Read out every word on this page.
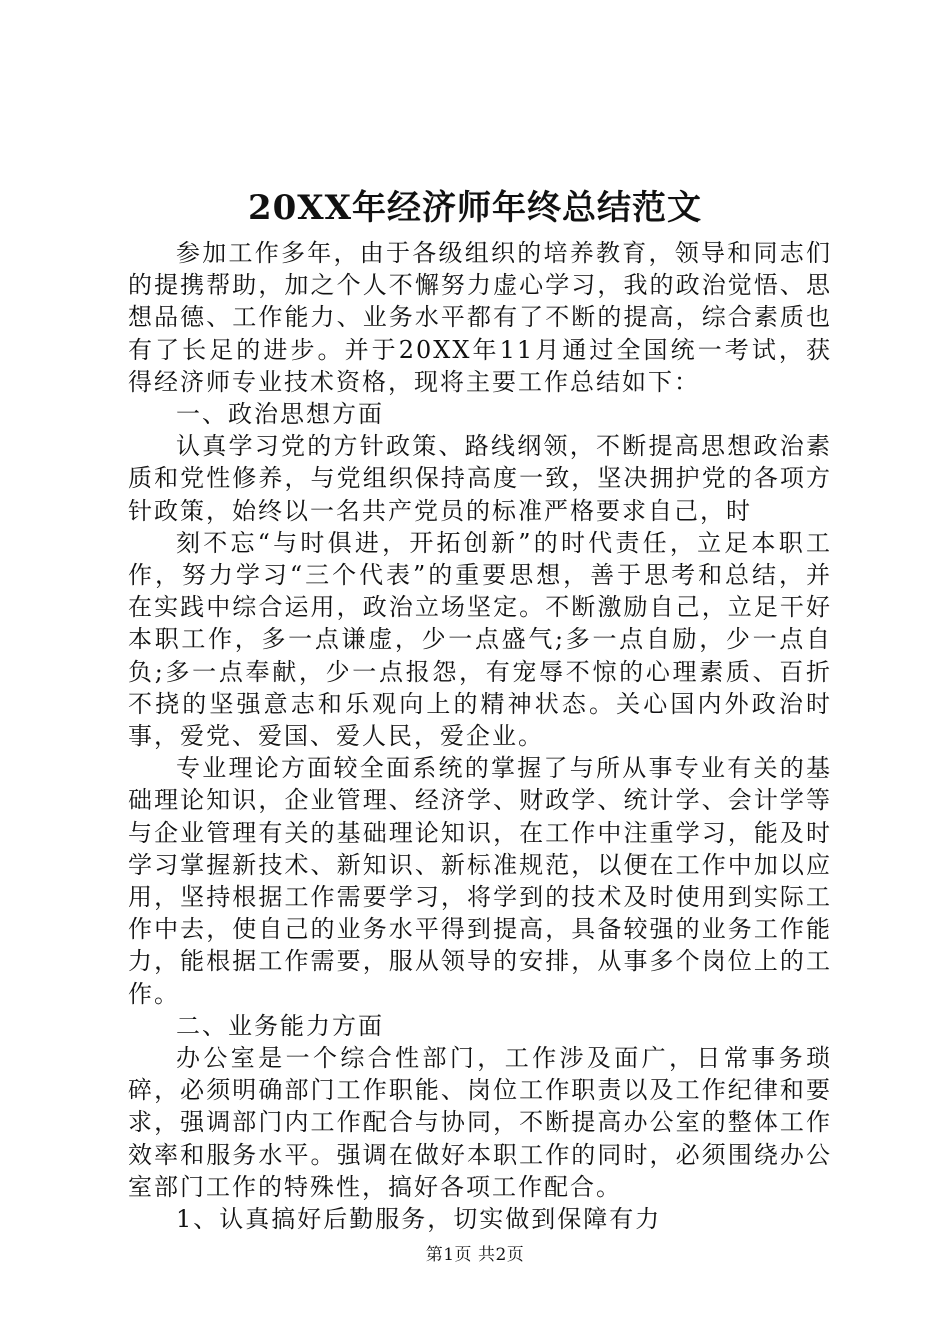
20XX年经济师年终总结范文

参加工作多年，由于各级组织的培养教育，领导和同志们的提携帮助，加之个人不懈努力虚心学习，我的政治觉悟、思想品德、工作能力、业务水平都有了不断的提高，综合素质也有了长足的进步。并于20XX年11月通过全国统一考试，获得经济师专业技术资格，现将主要工作总结如下：

一、政治思想方面

认真学习党的方针政策、路线纲领，不断提高思想政治素质和党性修养，与党组织保持高度一致，坚决拥护党的各项方针政策，始终以一名共产党员的标准严格要求自己，时

刻不忘“与时俱进，开拓创新”的时代责任，立足本职工作，努力学习“三个代表”的重要思想，善于思考和总结，并在实践中综合运用，政治立场坚定。不断激励自己，立足干好本职工作，多一点谦虚，少一点盛气;多一点自励，少一点自负;多一点奉献，少一点报怨，有宠辱不惊的心理素质、百折不挠的坚强意志和乐观向上的精神状态。关心国内外政治时事，爱党、爱国、爱人民，爱企业。

专业理论方面较全面系统的掌握了与所从事专业有关的基础理论知识，企业管理、经济学、财政学、统计学、会计学等与企业管理有关的基础理论知识，在工作中注重学习，能及时学习掌握新技术、新知识、新标准规范，以便在工作中加以应用，坚持根据工作需要学习，将学到的技术及时使用到实际工作中去，使自己的业务水平得到提高，具备较强的业务工作能力，能根据工作需要，服从领导的安排，从事多个岗位上的工作。

二、业务能力方面

办公室是一个综合性部门，工作涉及面广，日常事务琐碎，必须明确部门工作职能、岗位工作职责以及工作纪律和要求，强调部门内工作配合与协同，不断提高办公室的整体工作效率和服务水平。强调在做好本职工作的同时，必须围绕办公室部门工作的特殊性，搞好各项工作配合。

1、认真搞好后勤服务，切实做到保障有力

第1页 共2页
